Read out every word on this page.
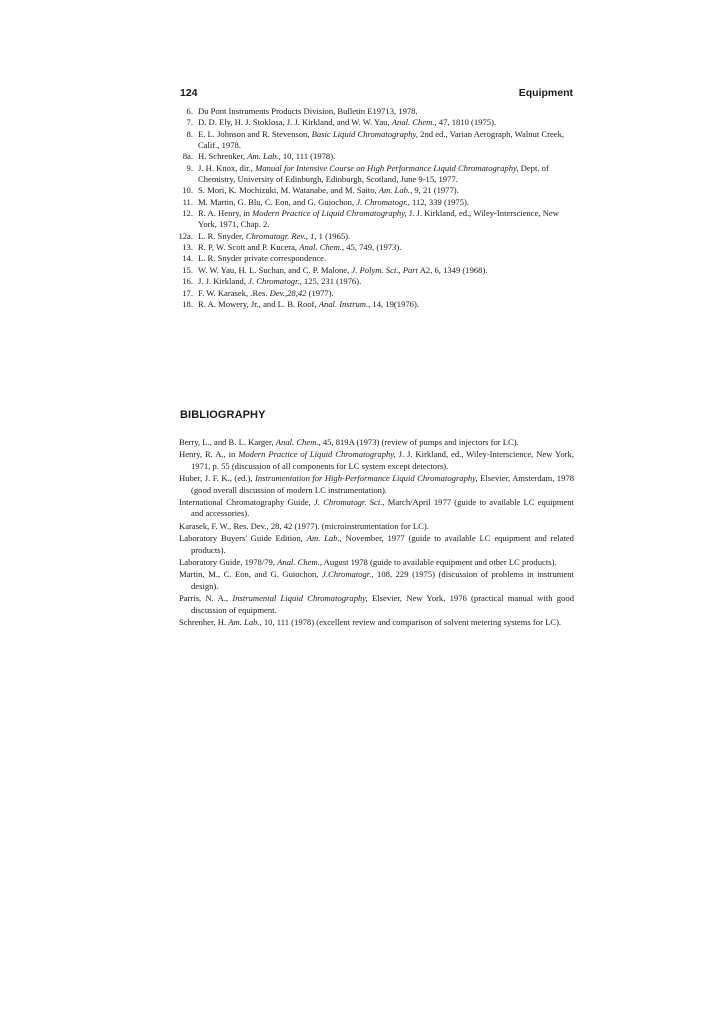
124	Equipment
6. Du Pont Instruments Products Division, Bulletin E19713, 1978.
7. D. D. Ely, H. J. Stoklosa, J. J. Kirkland, and W. W. Yau, Anal. Chem., 47, 1810 (1975).
8. E. L. Johnson and R. Stevenson, Basic Liquid Chromatography, 2nd ed., Varian Aerograph, Walnut Creek, Calif., 1978.
8a. H. Schrenker, Am. Lab., 10, 111 (1978).
9. J. H. Knox, dir., Manual for Intensive Course on High Performance Liquid Chromatography, Dept. of Chemistry, University of Edinburgh, Edinburgh, Scotland, June 9-15, 1977.
10. S. Mori, K. Mochizuki, M. Watanabe, and M. Saito, Am. Lab., 9, 21 (1977).
11. M. Martin, G. Blu, C. Eon, and G. Guiochon, J. Chromatogr., 112, 339 (1975).
12. R. A. Henry, in Modern Practice of Liquid Chromatography, J. J. Kirkland, ed., Wiley-Interscience, New York, 1971, Chap. 2.
12a. L. R. Snyder, Chromatogr. Rev., 1, 1 (1965).
13. R. P, W. Scott and P. Kucera, Anal. Chem., 45, 749, (1973).
14. L. R. Snyder private correspondence.
15. W. W. Yau, H. L. Suchan, and C. P. Malone, J. Polym. Sci., Part A2, 6, 1349 (1968).
16. J. J. Kirkland, J. Chromatogr., 125, 231 (1976).
17. F. W. Karasek, .Res. Dev.,28,42 (1977).
18. R. A. Mowery, Jr., and L. B. Roof, Anal. Instrum., 14, 19(1976).
BIBLIOGRAPHY
Berry, L., and B. L. Karger, Anal. Chem., 45, 819A (1973) (review of pumps and injectors for LC).
Henry, R. A., in Modern Practice of Liquid Chromatography, J. J. Kirkland, ed., Wiley-Interscience, New York, 1971, p. 55 (discussion of all components for LC system except detectors).
Huber, J. F. K., (ed.), Instrumentation for High-Performance Liquid Chromatography, Elsevier, Amsterdam, 1978 (good overall discussion of modern LC instrumentation).
International Chromatography Guide, J. Chromatogr. Sci., March/April 1977 (guide to available LC equipment and accessories).
Karasek, F. W., Res. Dev., 28, 42 (1977). (microinstrumentation for LC).
Laboratory Buyers' Guide Edition, Am. Lab., November, 1977 (guide to available LC equipment and related products).
Laboratory Guide, 1978/79, Anal. Chem., August 1978 (guide to available equipment and other LC products).
Martin, M., C. Eon, and G. Guiochon, J.Chromatogr., 108, 229 (1975) (discussion of problems in instrument design).
Parris, N. A., Instrumental Liquid Chromatography, Elsevier, New York, 1976 (practical manual with good discussion of equipment.
Schrenher, H. Am. Lab., 10, 111 (1978) (excellent review and comparison of solvent metering systems for LC).
